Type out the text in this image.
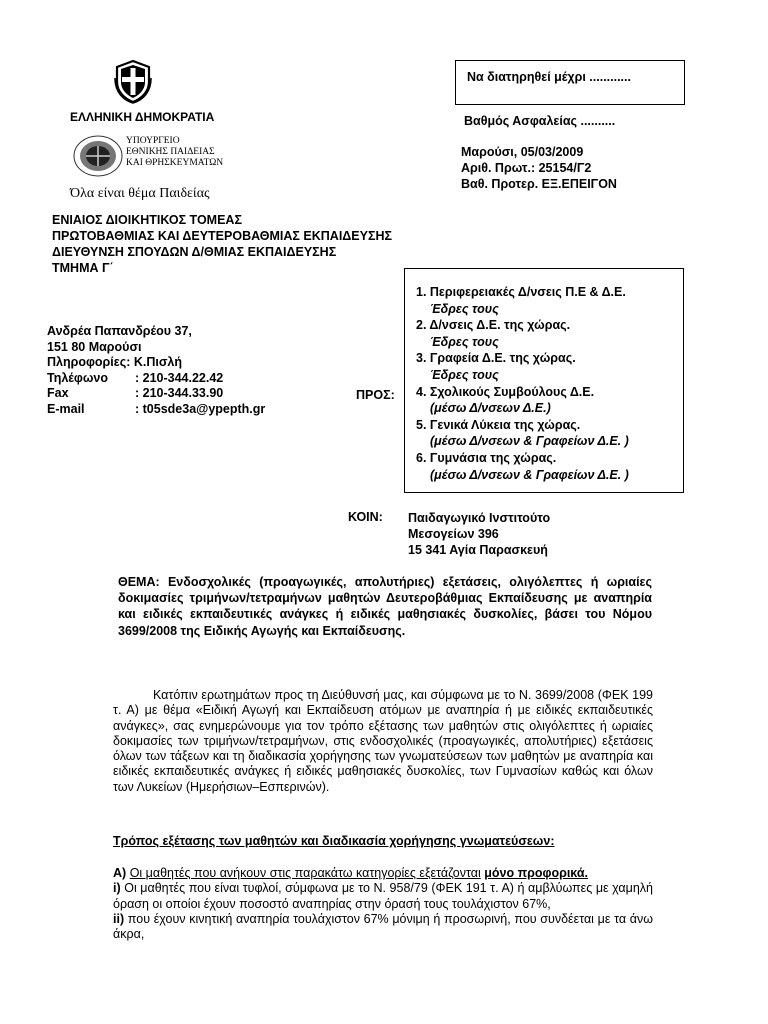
ΕΛΛΗΝΙΚΗ ΔΗΜΟΚΡΑΤΙΑ
ΥΠΟΥΡΓΕΙΟ
ΕΘΝΙΚΗΣ ΠΑΙΔΕΙΑΣ
ΚΑΙ ΘΡΗΣΚΕΥΜΑΤΩΝ
Όλα είναι θέμα Παιδείας
Να διατηρηθεί μέχρι ............
Βαθμός Ασφαλείας ..........
Μαρούσι, 05/03/2009
Αριθ. Πρωτ.: 25154/Γ2
Βαθ. Προτερ. ΕΞ.ΕΠΕΙΓΟΝ
ΕΝΙΑΙΟΣ ΔΙΟΙΚΗΤΙΚΟΣ ΤΟΜΕΑΣ
ΠΡΩΤΟΒΑΘΜΙΑΣ ΚΑΙ ΔΕΥΤΕΡΟΒΑΘΜΙΑΣ ΕΚΠΑΙΔΕΥΣΗΣ
ΔΙΕΥΘΥΝΣΗ ΣΠΟΥΔΩΝ Δ/ΘΜΙΑΣ ΕΚΠΑΙΔΕΥΣΗΣ
ΤΜΗΜΑ Γ΄
Ανδρέα Παπανδρέου 37,
151 80 Μαρούσι
Πληροφορίες: Κ.Πισλή
Τηλέφωνο : 210-344.22.42
Fax	: 210-344.33.90
E-mail	: t05sde3a@ypepth.gr
ΠΡΟΣ:
1. Περιφερειακές Δ/νσεις Π.Ε & Δ.Ε.
Έδρες τους
2. Δ/νσεις Δ.Ε. της χώρας.
Έδρες τους
3. Γραφεία Δ.Ε. της χώρας.
Έδρες τους
4. Σχολικούς Συμβούλους Δ.Ε.
(μέσω Δ/νσεων Δ.Ε.)
5. Γενικά Λύκεια της χώρας.
(μέσω Δ/νσεων & Γραφείων Δ.Ε. )
6. Γυμνάσια της χώρας.
(μέσω Δ/νσεων & Γραφείων Δ.Ε. )
ΚΟΙΝ: Παιδαγωγικό Ινστιτούτο
Μεσογείων 396
15 341 Αγία Παρασκευή
ΘΕΜΑ: Ενδοσχολικές (προαγωγικές, απολυτήριες) εξετάσεις, ολιγόλεπτες ή ωριαίες δοκιμασίες τριμήνων/τετραμήνων μαθητών Δευτεροβάθμιας Εκπαίδευσης με αναπηρία και ειδικές εκπαιδευτικές ανάγκες ή ειδικές μαθησιακές δυσκολίες, βάσει του Νόμου 3699/2008 της Ειδικής Αγωγής και Εκπαίδευσης.
Κατόπιν ερωτημάτων προς τη Διεύθυνσή μας, και σύμφωνα με το Ν. 3699/2008 (ΦΕΚ 199 τ. Α) με θέμα «Ειδική Αγωγή και Εκπαίδευση ατόμων με αναπηρία ή με ειδικές εκπαιδευτικές ανάγκες», σας ενημερώνουμε για τον τρόπο εξέτασης των μαθητών στις ολιγόλεπτες ή ωριαίες δοκιμασίες των τριμήνων/τετραμήνων, στις ενδοσχολικές (προαγωγικές, απολυτήριες) εξετάσεις όλων των τάξεων και τη διαδικασία χορήγησης των γνωματεύσεων των μαθητών με αναπηρία και ειδικές εκπαιδευτικές ανάγκες ή ειδικές μαθησιακές δυσκολίες, των Γυμνασίων καθώς και όλων των Λυκείων (Ημερήσιων–Εσπερινών).
Τρόπος εξέτασης των μαθητών και διαδικασία χορήγησης γνωματεύσεων:
Α) Οι μαθητές που ανήκουν στις παρακάτω κατηγορίες εξετάζονται μόνο προφορικά.
i) Οι μαθητές που είναι τυφλοί, σύμφωνα με το Ν. 958/79 (ΦΕΚ 191 τ. Α) ή αμβλύωπες με χαμηλή όραση οι οποίοι έχουν ποσοστό αναπηρίας στην όρασή τους τουλάχιστον 67%,
ii) που έχουν κινητική αναπηρία τουλάχιστον 67% μόνιμη ή προσωρινή, που συνδέεται με τα άνω άκρα,
